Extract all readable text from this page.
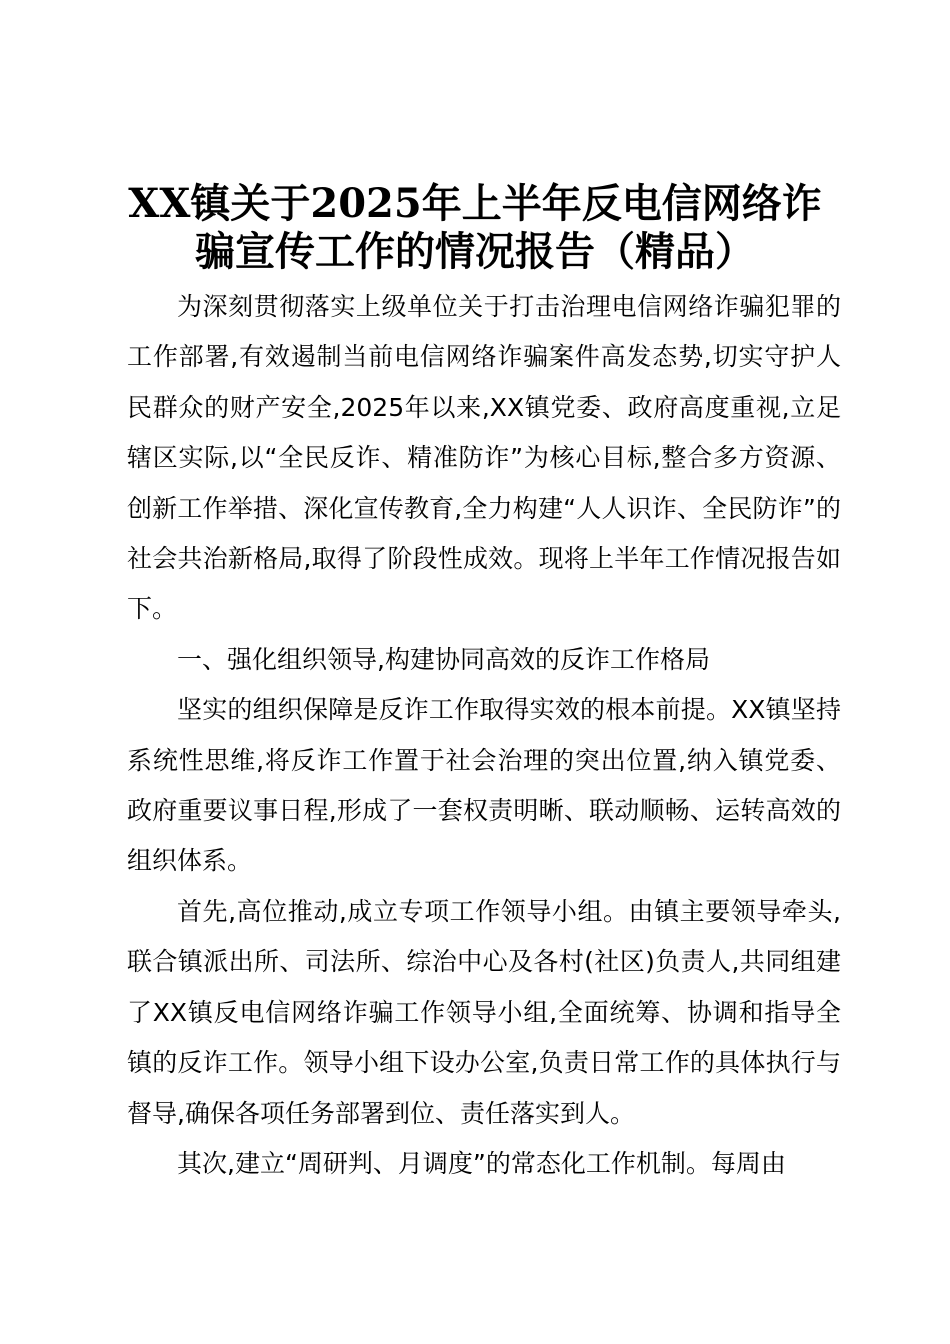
XX镇关于2025年上半年反电信网络诈
骗宣传工作的情况报告（精品）

为深刻贯彻落实上级单位关于打击治理电信网络诈骗犯罪的工作部署,有效遏制当前电信网络诈骗案件高发态势,切实守护人民群众的财产安全,2025年以来,XX镇党委、政府高度重视,立足辖区实际,以“全民反诈、精准防诈”为核心目标,整合多方资源、创新工作举措、深化宣传教育,全力构建“人人识诈、全民防诈”的社会共治新格局,取得了阶段性成效。现将上半年工作情况报告如下。

一、强化组织领导,构建协同高效的反诈工作格局

坚实的组织保障是反诈工作取得实效的根本前提。XX镇坚持系统性思维,将反诈工作置于社会治理的突出位置,纳入镇党委、政府重要议事日程,形成了一套权责明晰、联动顺畅、运转高效的组织体系。

首先,高位推动,成立专项工作领导小组。由镇主要领导牵头,联合镇派出所、司法所、综治中心及各村(社区)负责人,共同组建了XX镇反电信网络诈骗工作领导小组,全面统筹、协调和指导全镇的反诈工作。领导小组下设办公室,负责日常工作的具体执行与督导,确保各项任务部署到位、责任落实到人。

其次,建立“周研判、月调度”的常态化工作机制。每周由
